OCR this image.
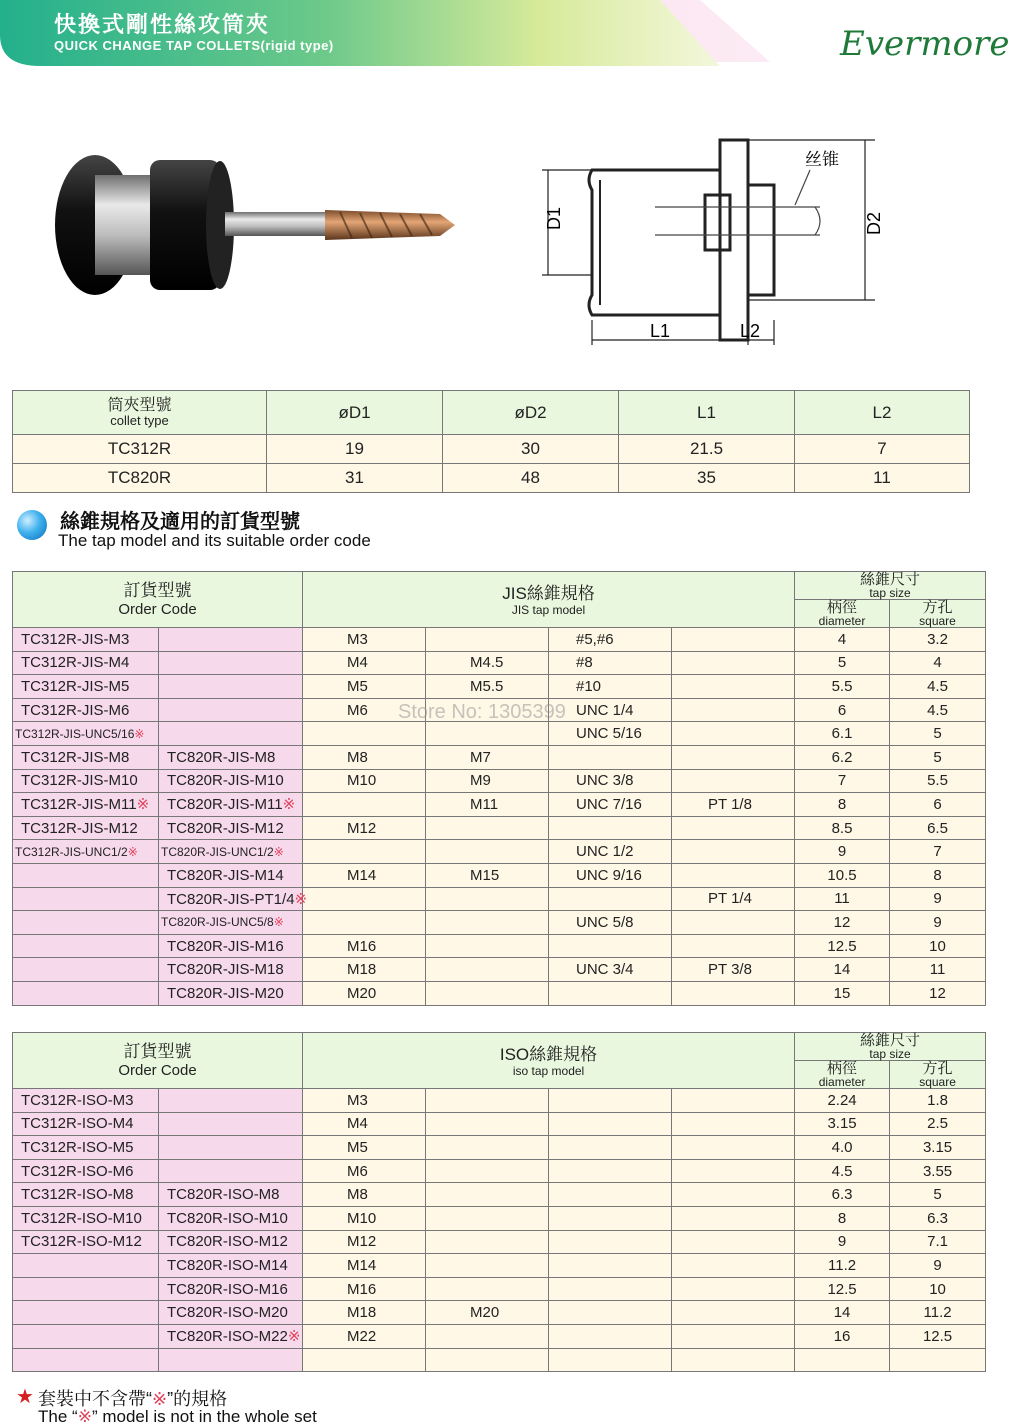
快換式剛性絲攻筒夾
QUICK CHANGE TAP COLLETS(rigid type)	Evermore
D1	D2
L1	L2
丝锥
筒夾型號
collet type	øD1	øD2	L1	L2
TC312R	19	30	21.5	7
TC820R	31	48	35	11
絲錐規格及適用的訂貨型號
The tap model and its suitable order code
訂貨型號
Order Code		JIS絲錐規格
JIS tap model				絲錐尺寸
tap size	

						柄徑
diameter	方孔
square

TC312R-JIS-M3		M3		#5,#6		4	3.2
TC312R-JIS-M4		M4	M4.5	#8		5	4
TC312R-JIS-M5		M5	M5.5	#10		5.5	4.5
TC312R-JIS-M6		M6		UNC 1/4		6	4.5
TC312R-JIS-UNC5/16※				UNC 5/16		6.1	5
TC312R-JIS-M8	TC820R-JIS-M8	M8	M7			6.2	5
TC312R-JIS-M10	TC820R-JIS-M10	M10	M9	UNC 3/8		7	5.5
TC312R-JIS-M11※	TC820R-JIS-M11※		M11	UNC 7/16	PT 1/8	8	6
TC312R-JIS-M12	TC820R-JIS-M12	M12				8.5	6.5
TC312R-JIS-UNC1/2※	TC820R-JIS-UNC1/2※			UNC 1/2		9	7
	TC820R-JIS-M14	M14	M15	UNC 9/16		10.5	8
	TC820R-JIS-PT1/4※				PT 1/4	11	9
	TC820R-JIS-UNC5/8※			UNC 5/8		12	9
	TC820R-JIS-M16	M16				12.5	10
	TC820R-JIS-M18	M18		UNC 3/4	PT 3/8	14	11
	TC820R-JIS-M20	M20				15	12
Store No: 1305399
訂貨型號
Order Code		ISO絲錐規格
iso tap model				絲錐尺寸
tap size	

						柄徑
diameter	方孔
square

TC312R-ISO-M3		M3				2.24	1.8
TC312R-ISO-M4		M4				3.15	2.5
TC312R-ISO-M5		M5				4.0	3.15
TC312R-ISO-M6		M6				4.5	3.55
TC312R-ISO-M8	TC820R-ISO-M8	M8				6.3	5
TC312R-ISO-M10	TC820R-ISO-M10	M10				8	6.3
TC312R-ISO-M12	TC820R-ISO-M12	M12				9	7.1
	TC820R-ISO-M14	M14				11.2	9
	TC820R-ISO-M16	M16				12.5	10
	TC820R-ISO-M20	M18	M20			14	11.2
	TC820R-ISO-M22※	M22				16	12.5

★ 套裝中不含帶“※”的規格
The “※” model is not in the whole set
